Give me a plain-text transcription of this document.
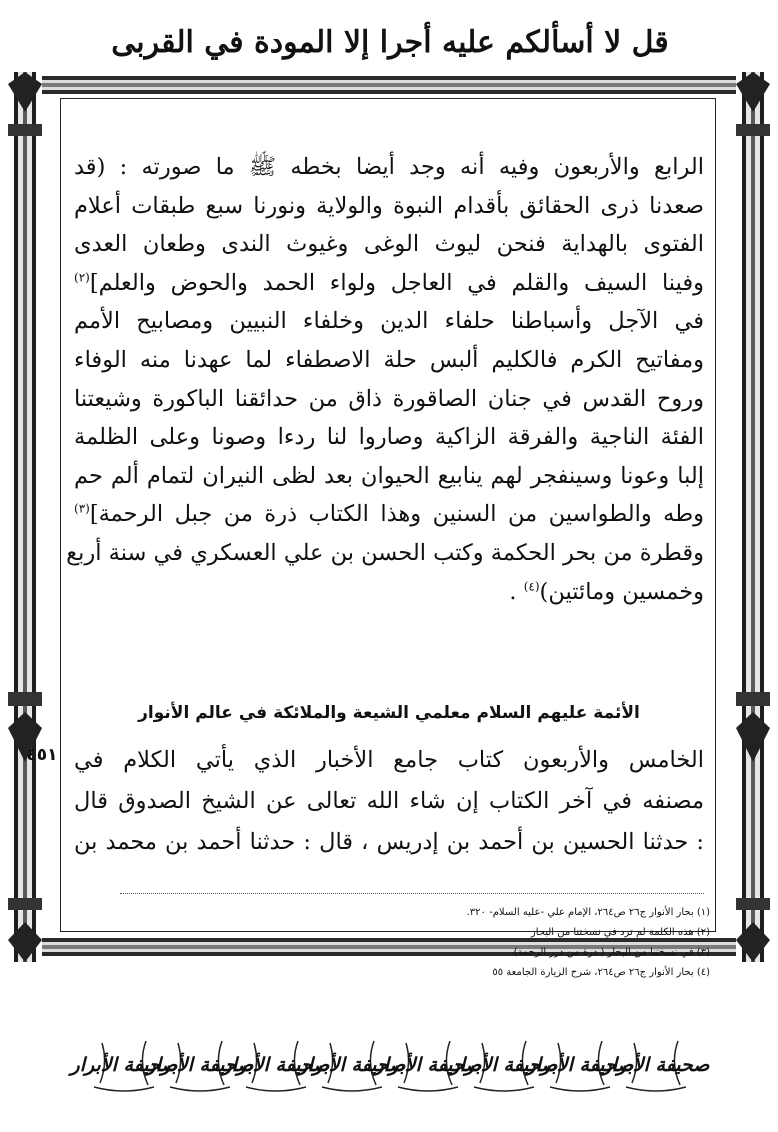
قل لا أسألكم عليه أجرا إلا المودة في القربى
الرابع والأربعون وفيه أنه وجد أيضا بخطه ﷺ ما صورته : (قد
صعدنا ذرى الحقائق بأقدام النبوة والولاية ونورنا سبع طبقات أعلام
الفتوى بالهداية فنحن ليوث الوغى وغيوث الندى وطعان العدى
وفينا السيف والقلم في العاجل ولواء الحمد والحوض والعلم]$^{(٢)}$
في الآجل وأسباطنا حلفاء الدين وخلفاء النبيين ومصابيح الأمم
ومفاتيح الكرم فالكليم ألبس حلة الاصطفاء لما عهدنا منه الوفاء
وروح القدس في جنان الصاقورة ذاق من حدائقنا الباكورة وشيعتنا
الفئة الناجية والفرقة الزاكية وصاروا لنا ردءا وصونا وعلى الظلمة
إلبا وعونا وسينفجر لهم ينابيع الحيوان بعد لظى النيران لتمام ألم حم
وطه والطواسين من السنين وهذا الكتاب ذرة من جبل الرحمة]$^{(٣)}$
وقطرة من بحر الحكمة وكتب الحسن بن علي العسكري في سنة أربع
وخمسين ومائتين)$^{(٤)}$ .
الأئمة عليهم السلام معلمي الشيعة والملائكة في عالم الأنوار
٤٥١ الخامس والأربعون كتاب جامع الأخبار الذي يأتي الكلام في
مصنفه في آخر الكتاب إن شاء الله تعالى عن الشيخ الصدوق قال
: حدثنا الحسين بن أحمد بن إدريس ، قال : حدثنا أحمد بن محمد بن
(١) بحار الأنوار ج٢٦ ص٢٦٤، الإمام علي -عليه السلام- ٣٢٠.
(٢) هذه الكلمة لم ترد في نسختنا من البحار
(٣) في نسختنا من البحار ( درة من درر الرحمة).
(٤) بحار الأنوار ج٢٦ ص٢٦٤، شرح الزيارة الجامعة ٥٥
صحيفة الأبرار
صحيفة الأبرار
صحيفة الأبرار
صحيفة الأبرار
صحيفة الأبرار
صحيفة الأبرار
صحيفة الأبرار
صحيفة الأبرار
